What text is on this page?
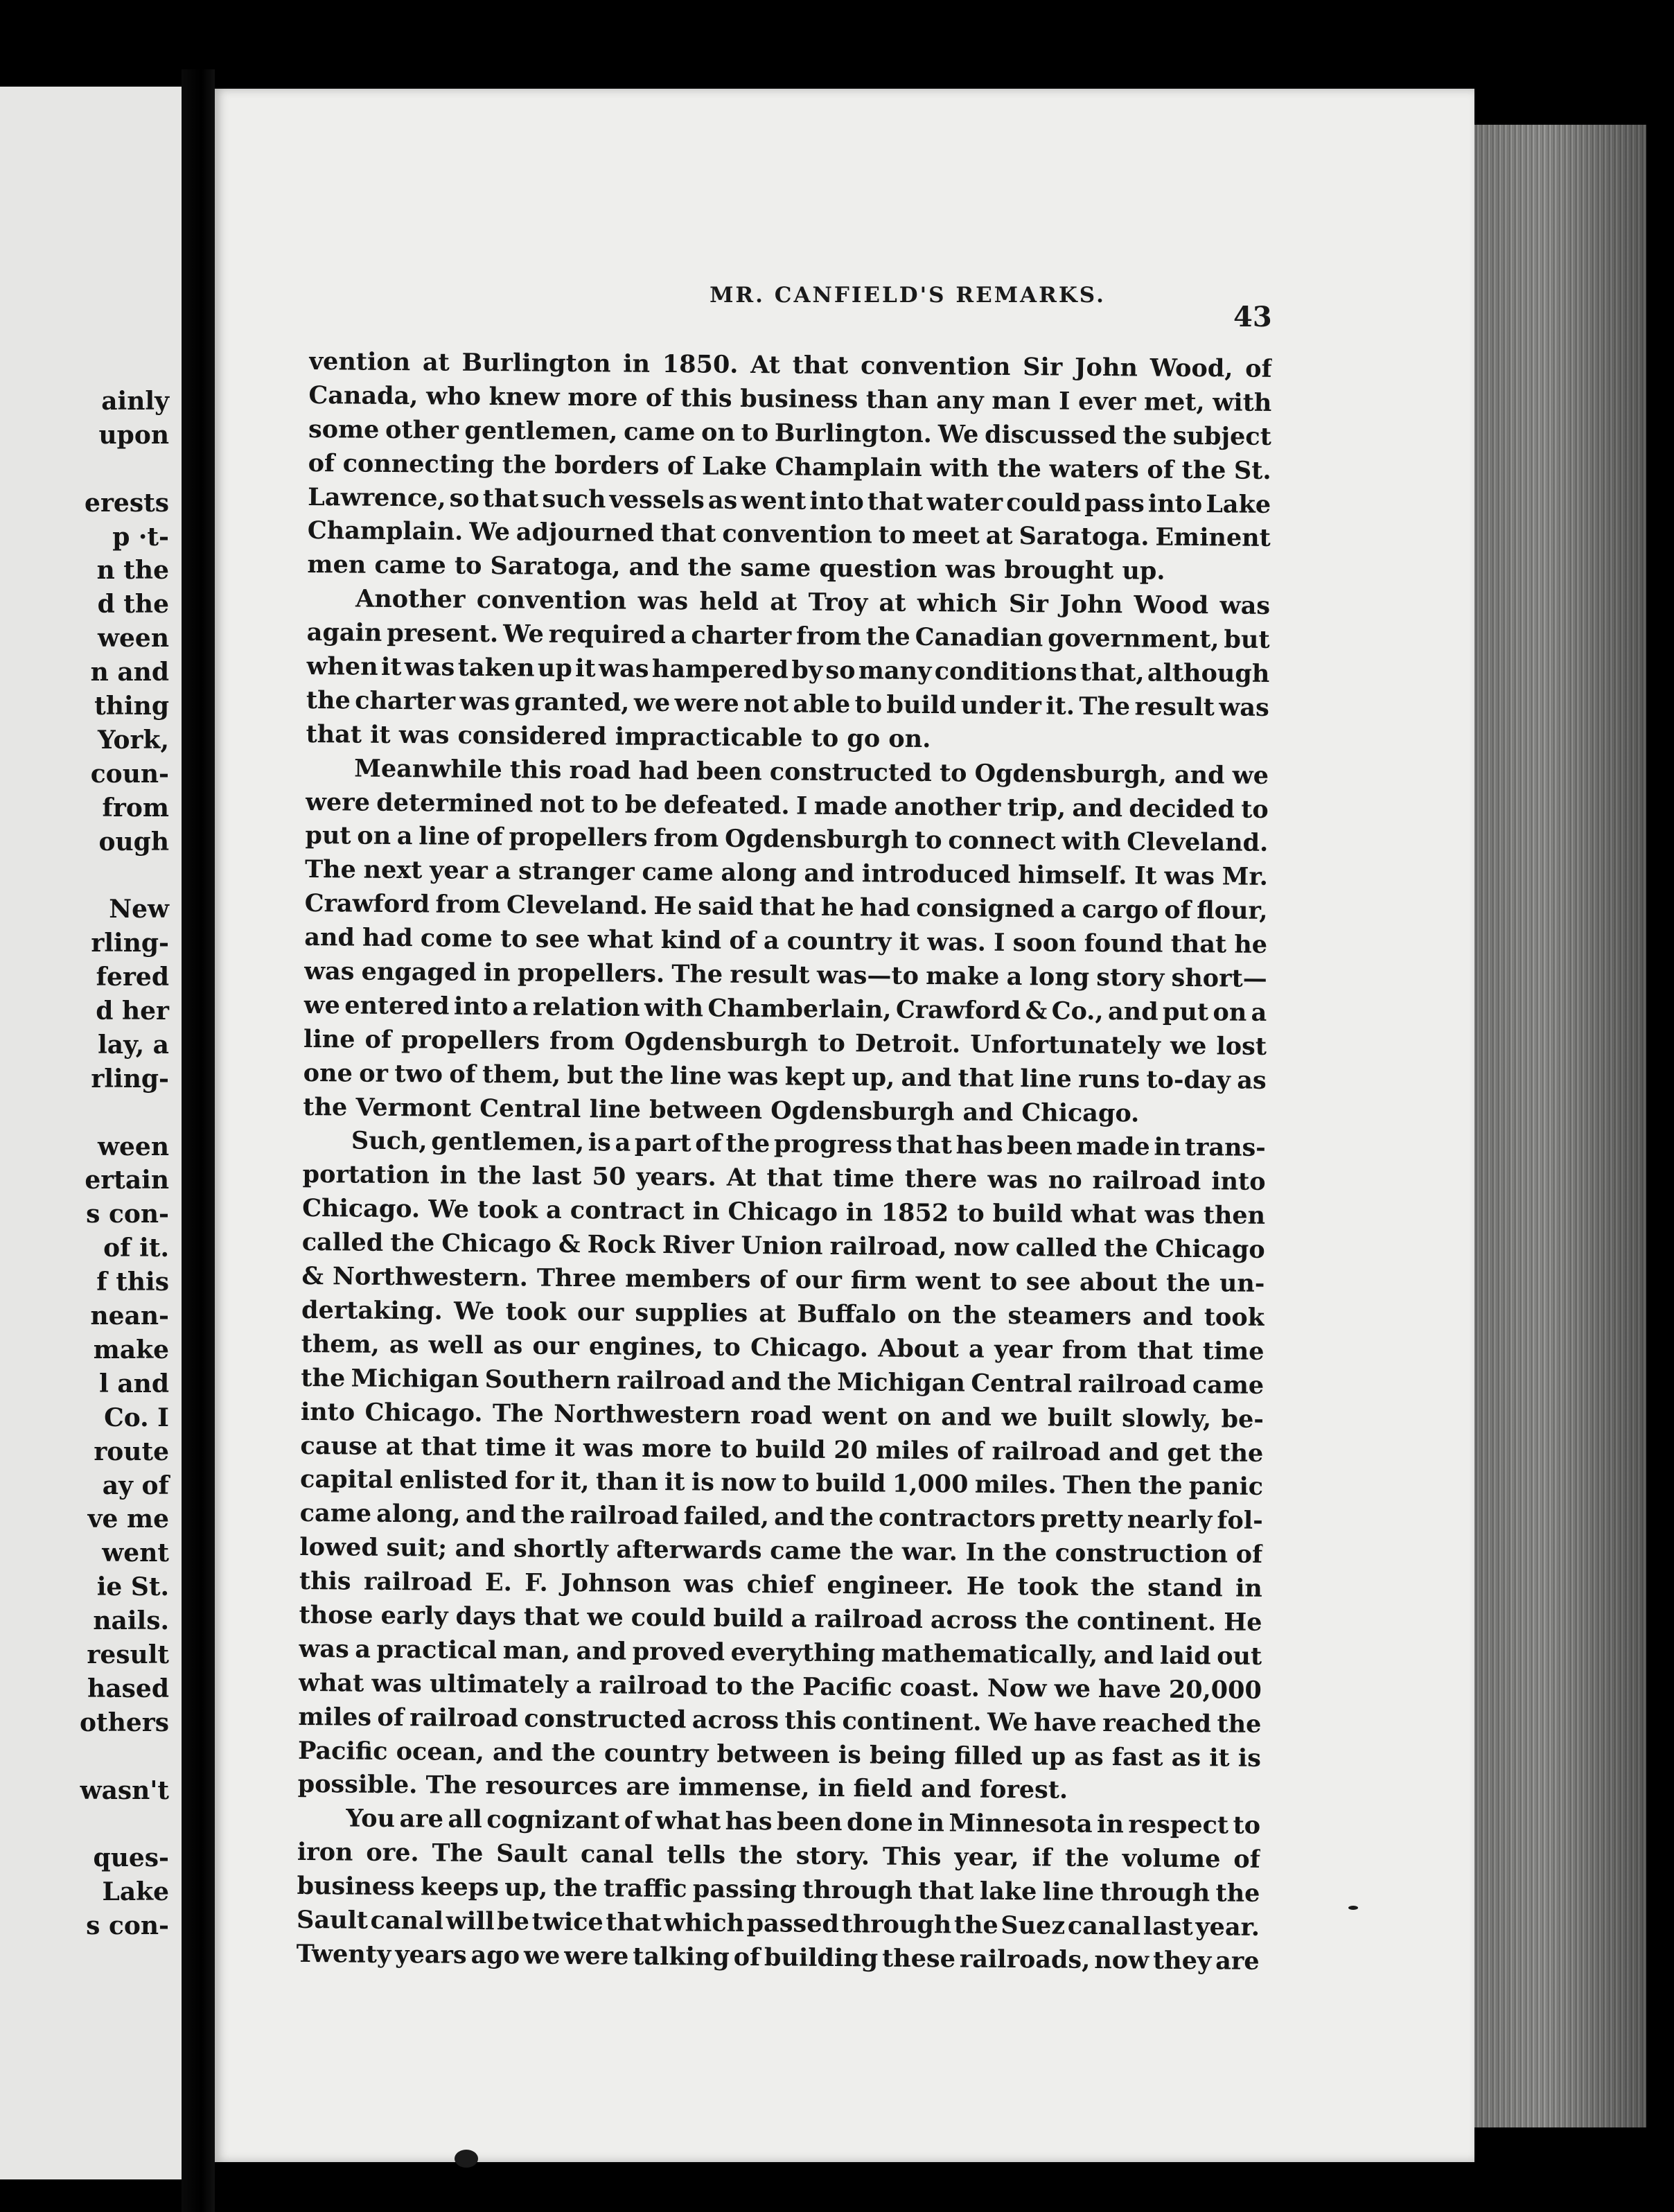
ainly
upon
erests
p ·t-
n the
d the
ween
n and
thing
York,
coun-
from
ough
New
rling-
fered
d her
lay, a
rling-
ween
ertain
s con-
of it.
f this
nean-
make
l and
Co. I
route
ay of
ve me
went
ie St.
nails.
result
hased
others
wasn't
ques-
Lake
s con-
MR. CANFIELD'S REMARKS.
43
vention at Burlington in 1850. At that convention Sir John Wood, of
Canada, who knew more of this business than any man I ever met, with
some other gentlemen, came on to Burlington. We discussed the subject
of connecting the borders of Lake Champlain with the waters of the St.
Lawrence, so that such vessels as went into that water could pass into Lake
Champlain. We adjourned that convention to meet at Saratoga. Eminent
men came to Saratoga, and the same question was brought up.
Another convention was held at Troy at which Sir John Wood was
again present. We required a charter from the Canadian government, but
when it was taken up it was hampered by so many conditions that, although
the charter was granted, we were not able to build under it. The result was
that it was considered impracticable to go on.
Meanwhile this road had been constructed to Ogdensburgh, and we
were determined not to be defeated. I made another trip, and decided to
put on a line of propellers from Ogdensburgh to connect with Cleveland.
The next year a stranger came along and introduced himself. It was Mr.
Crawford from Cleveland. He said that he had consigned a cargo of flour,
and had come to see what kind of a country it was. I soon found that he
was engaged in propellers. The result was—to make a long story short—
we entered into a relation with Chamberlain, Crawford & Co., and put on a
line of propellers from Ogdensburgh to Detroit. Unfortunately we lost
one or two of them, but the line was kept up, and that line runs to-day as
the Vermont Central line between Ogdensburgh and Chicago.
Such, gentlemen, is a part of the progress that has been made in trans-
portation in the last 50 years. At that time there was no railroad into
Chicago. We took a contract in Chicago in 1852 to build what was then
called the Chicago & Rock River Union railroad, now called the Chicago
& Northwestern. Three members of our firm went to see about the un-
dertaking. We took our supplies at Buffalo on the steamers and took
them, as well as our engines, to Chicago. About a year from that time
the Michigan Southern railroad and the Michigan Central railroad came
into Chicago. The Northwestern road went on and we built slowly, be-
cause at that time it was more to build 20 miles of railroad and get the
capital enlisted for it, than it is now to build 1,000 miles. Then the panic
came along, and the railroad failed, and the contractors pretty nearly fol-
lowed suit; and shortly afterwards came the war. In the construction of
this railroad E. F. Johnson was chief engineer. He took the stand in
those early days that we could build a railroad across the continent. He
was a practical man, and proved everything mathematically, and laid out
what was ultimately a railroad to the Pacific coast. Now we have 20,000
miles of railroad constructed across this continent. We have reached the
Pacific ocean, and the country between is being filled up as fast as it is
possible. The resources are immense, in field and forest.
You are all cognizant of what has been done in Minnesota in respect to
iron ore. The Sault canal tells the story. This year, if the volume of
business keeps up, the traffic passing through that lake line through the
Sault canal will be twice that which passed through the Suez canal last year.
Twenty years ago we were talking of building these railroads, now they are
